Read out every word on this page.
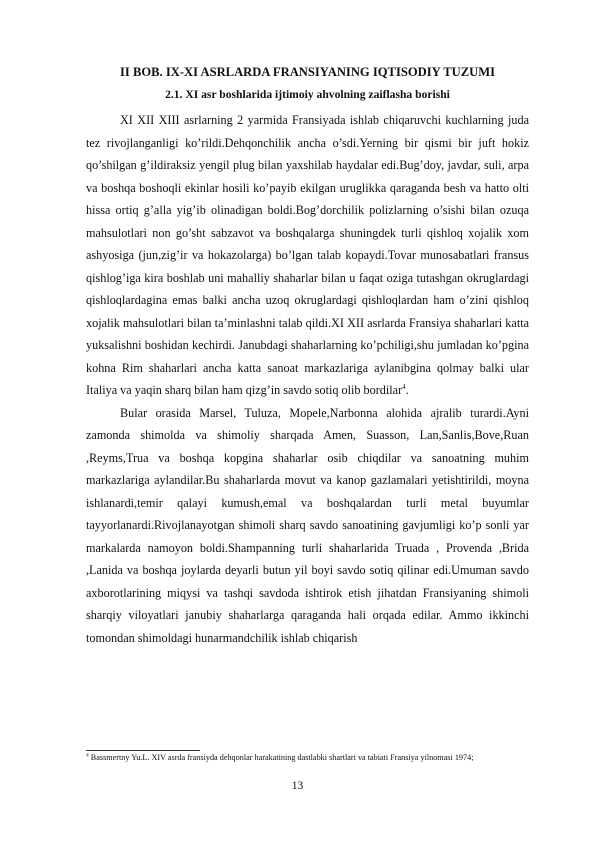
II BOB. IX-XI ASRLARDA FRANSIYANING IQTISODIY TUZUMI
2.1. XI asr boshlarida ijtimoiy ahvolning zaiflasha borishi

XI XII XIII asrlarning 2 yarmida Fransiyada ishlab chiqaruvchi kuchlarning juda tez rivojlanganligi ko’rildi.Dehqonchilik ancha o’sdi.Yerning bir qismi bir juft hokiz qo’shilgan g’ildiraksiz yengil plug bilan yaxshilab haydalar edi.Bug’doy, javdar, suli, arpa va boshqa boshoqli ekinlar hosili ko’payib ekilgan uruglikka qaraganda besh va hatto olti hissa ortiq g’alla yig’ib olinadigan boldi.Bog’dorchilik polizlarning o’sishi bilan ozuqa mahsulotlari non go’sht sabzavot va boshqalarga shuningdek turli qishloq xojalik xom ashyosiga (jun,zig’ir va hokazolarga) bo’lgan talab kopaydi.Tovar munosabatlari fransus qishlog’iga kira boshlab uni mahalliy shaharlar bilan u faqat oziga tutashgan okruglardagi qishloqlardagina emas balki ancha uzoq okruglardagi qishloqlardan ham o’zini qishloq xojalik mahsulotlari bilan ta’minlashni talab qildi.XI XII asrlarda Fransiya shaharlari katta yuksalishni boshidan kechirdi. Janubdagi shaharlarning ko’pchiligi,shu jumladan ko’pgina kohna Rim shaharlari ancha katta sanoat markazlariga aylanibgina qolmay balki ular Italiya va yaqin sharq bilan ham qizg’in savdo sotiq olib bordilar$^4$.

Bular orasida Marsel, Tuluza, Mopele,Narbonna alohida ajralib turardi.Ayni zamonda shimolda va shimoliy sharqada Amen, Suasson, Lan,Sanlis,Bove,Ruan ,Reyms,Trua va boshqa kopgina shaharlar osib chiqdilar va sanoatning muhim markazlariga aylandilar.Bu shaharlarda movut va kanop gazlamalari yetishtirildi, moyna ishlanardi,temir qalayi kumush,emal va boshqalardan turli metal buyumlar tayyorlanardi.Rivojlanayotgan shimoli sharq savdo sanoatining gavjumligi ko’p sonli yar markalarda namoyon boldi.Shampanning turli shaharlarida Truada , Provenda ,Brida ,Lanida va boshqa joylarda deyarli butun yil boyi savdo sotiq qilinar edi.Umuman savdo axborotlarining miqysi va tashqi savdoda ishtirok etish jihatdan Fransiyaning shimoli sharqiy viloyatlari janubiy shaharlarga qaraganda hali orqada edilar. Ammo ikkinchi tomondan shimoldagi hunarmandchilik ishlab chiqarish

$^4$ Bassmertny Yu.L. XIV asrda fransiyda dehqonlar harakatining dastlabki shartlari va tabiati Fransiya yilnomasi 1974;
13
